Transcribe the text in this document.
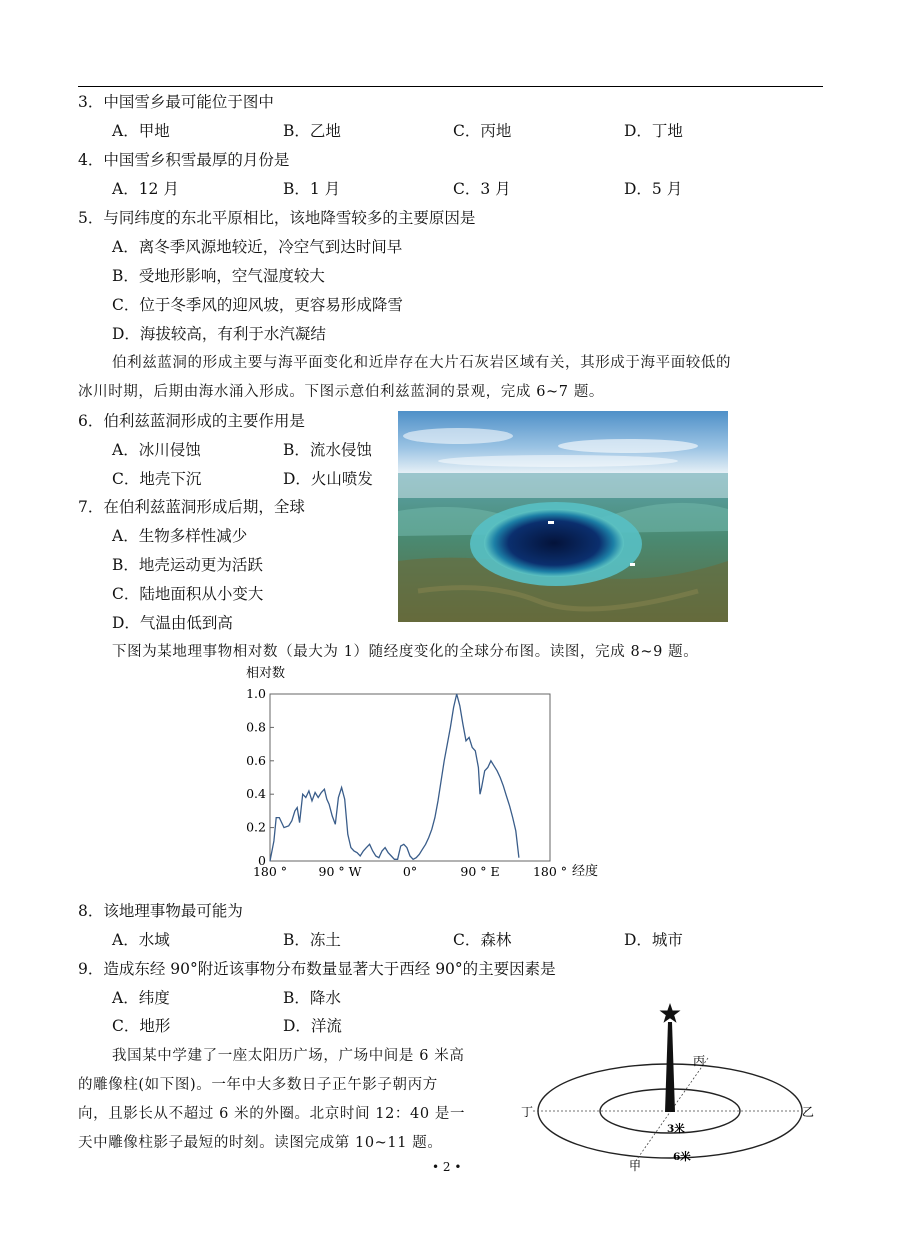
3．中国雪乡最可能位于图中
A．甲地	B．乙地	C．丙地	D．丁地
4．中国雪乡积雪最厚的月份是
A．12 月	B．1 月	C．3 月	D．5 月
5．与同纬度的东北平原相比，该地降雪较多的主要原因是
A．离冬季风源地较近，冷空气到达时间早
B．受地形影响，空气湿度较大
C．位于冬季风的迎风坡，更容易形成降雪
D．海拔较高，有利于水汽凝结
伯利兹蓝洞的形成主要与海平面变化和近岸存在大片石灰岩区域有关，其形成于海平面较低的
冰川时期，后期由海水涌入形成。下图示意伯利兹蓝洞的景观，完成 6~7 题。
6．伯利兹蓝洞形成的主要作用是
A．冰川侵蚀	B．流水侵蚀
C．地壳下沉	D．火山喷发
7．在伯利兹蓝洞形成后期，全球
A．生物多样性减少
B．地壳运动更为活跃
C．陆地面积从小变大
D．气温由低到高
下图为某地理事物相对数（最大为 1）随经度变化的全球分布图。读图，完成 8~9 题。
相对数
0
0.2
0.4
0.6
0.8
1.0
180 °	90 ° W	0°	90 ° E	180 ° 经度
8．该地理事物最可能为
A．水域	B．冻土	C．森林	D．城市
9．造成东经 90°附近该事物分布数量显著大于西经 90°的主要因素是
A．纬度	B．降水
C．地形	D．洋流
我国某中学建了一座太阳历广场，广场中间是 6 米高
的雕像柱(如下图)。一年中大多数日子正午影子朝丙方
向，且影长从不超过 6 米的外圈。北京时间 12：40 是一
天中雕像柱影子最短的时刻。读图完成第 10~11 题。
丙
丁	乙
甲
3米
6米
• 2 •
